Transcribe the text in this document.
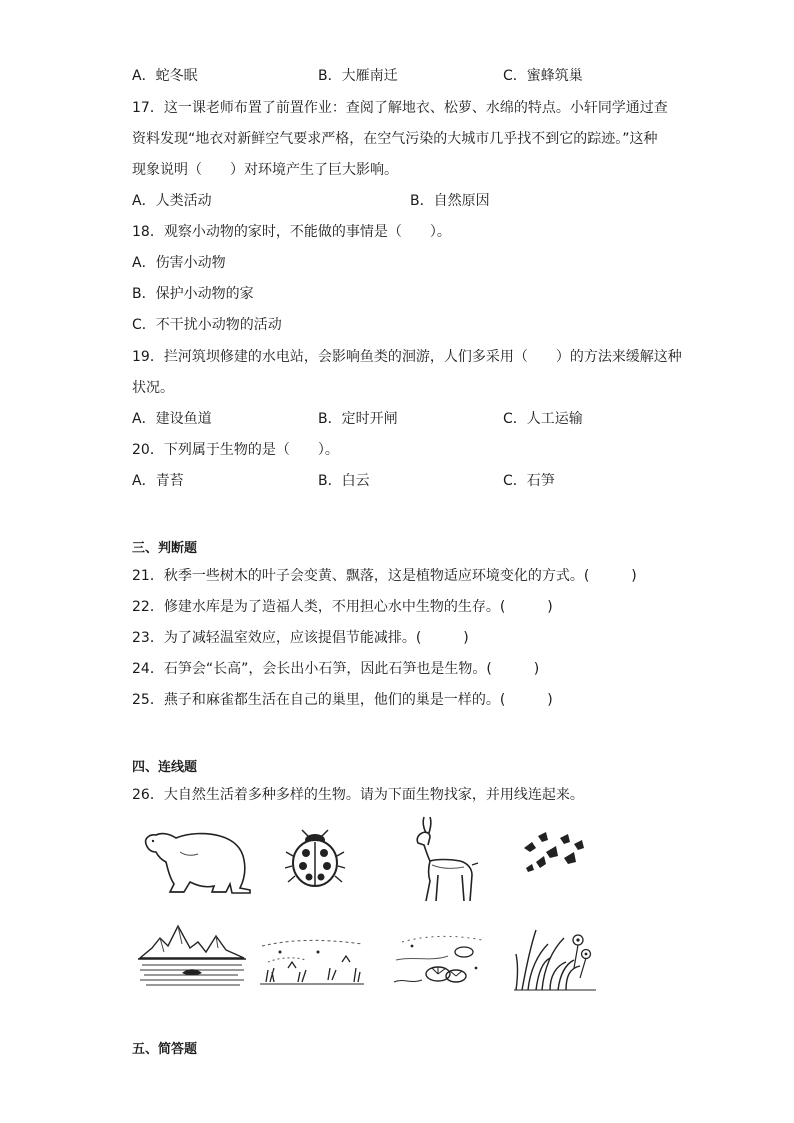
A．蛇冬眠	B．大雁南迁	C．蜜蜂筑巢
17．这一课老师布置了前置作业：查阅了解地衣、松萝、水绵的特点。小轩同学通过查
资料发现“地衣对新鲜空气要求严格，在空气污染的大城市几乎找不到它的踪迹。”这种
现象说明（　　）对环境产生了巨大影响。
A．人类活动	B．自然原因
18．观察小动物的家时，不能做的事情是（　　）。
A．伤害小动物
B．保护小动物的家
C．不干扰小动物的活动
19．拦河筑坝修建的水电站，会影响鱼类的洄游，人们多采用（　　）的方法来缓解这种
状况。
A．建设鱼道	B．定时开闸	C．人工运输
20．下列属于生物的是（　　）。
A．青苔	B．白云	C．石笋
三、判断题
21．秋季一些树木的叶子会变黄、飘落，这是植物适应环境变化的方式。(　　　)
22．修建水库是为了造福人类，不用担心水中生物的生存。(　　　)
23．为了减轻温室效应，应该提倡节能减排。(　　　)
24．石笋会“长高”，会长出小石笋，因此石笋也是生物。(　　　)
25．燕子和麻雀都生活在自己的巢里，他们的巢是一样的。(　　　)
四、连线题
26．大自然生活着多种多样的生物。请为下面生物找家，并用线连起来。
五、简答题
